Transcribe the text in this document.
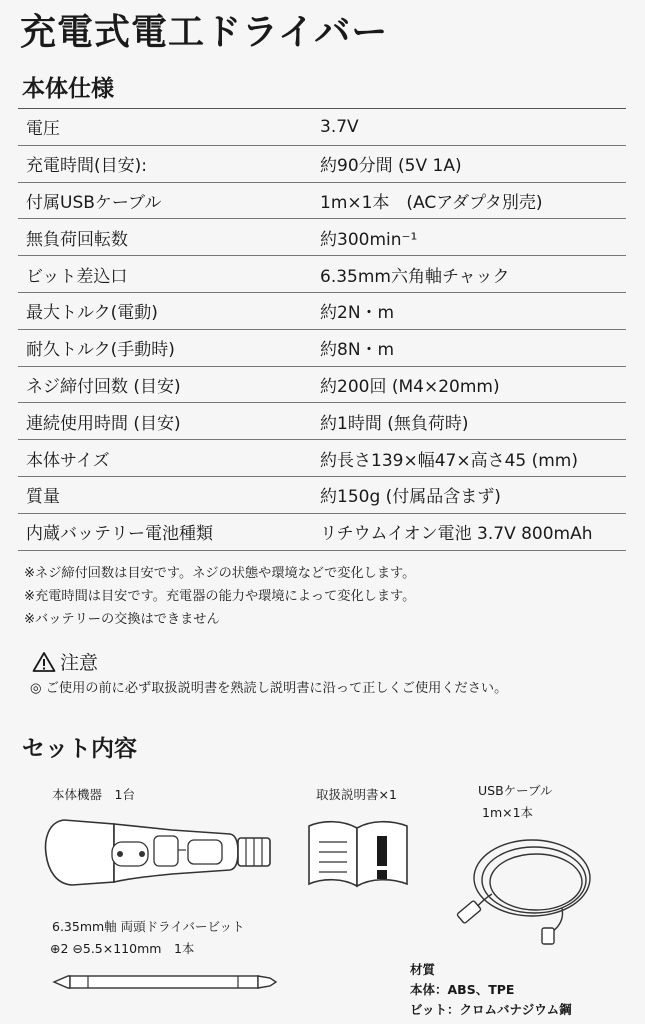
充電式電工ドライバー
本体仕様
電圧	3.7V
充電時間(目安):	約90分間 (5V 1A)
付属USBケーブル	1m×1本　(ACアダプタ別売)
無負荷回転数	約300min⁻¹
ビット差込口	6.35mm六角軸チャック
最大トルク(電動)	約2N・m
耐久トルク(手動時)	約8N・m
ネジ締付回数 (目安)	約200回 (M4×20mm)
連続使用時間 (目安)	約1時間 (無負荷時)
本体サイズ	約長さ139×幅47×高さ45 (mm)
質量	約150g (付属品含まず)
内蔵バッテリー電池種類	リチウムイオン電池 3.7V 800mAh
※ネジ締付回数は目安です。ネジの状態や環境などで変化します。
※充電時間は目安です。充電器の能力や環境によって変化します。
※バッテリーの交換はできません
注意
◎ ご使用の前に必ず取扱説明書を熟読し説明書に沿って正しくご使用ください。
セット内容
本体機器　1台	取扱説明書×1	USBケーブル
1m×1本
6.35mm軸 両頭ドライバービット
⊕2 ⊖5.5×110mm　1本
材質
本体：ABS、TPE
ビット：クロムバナジウム鋼
